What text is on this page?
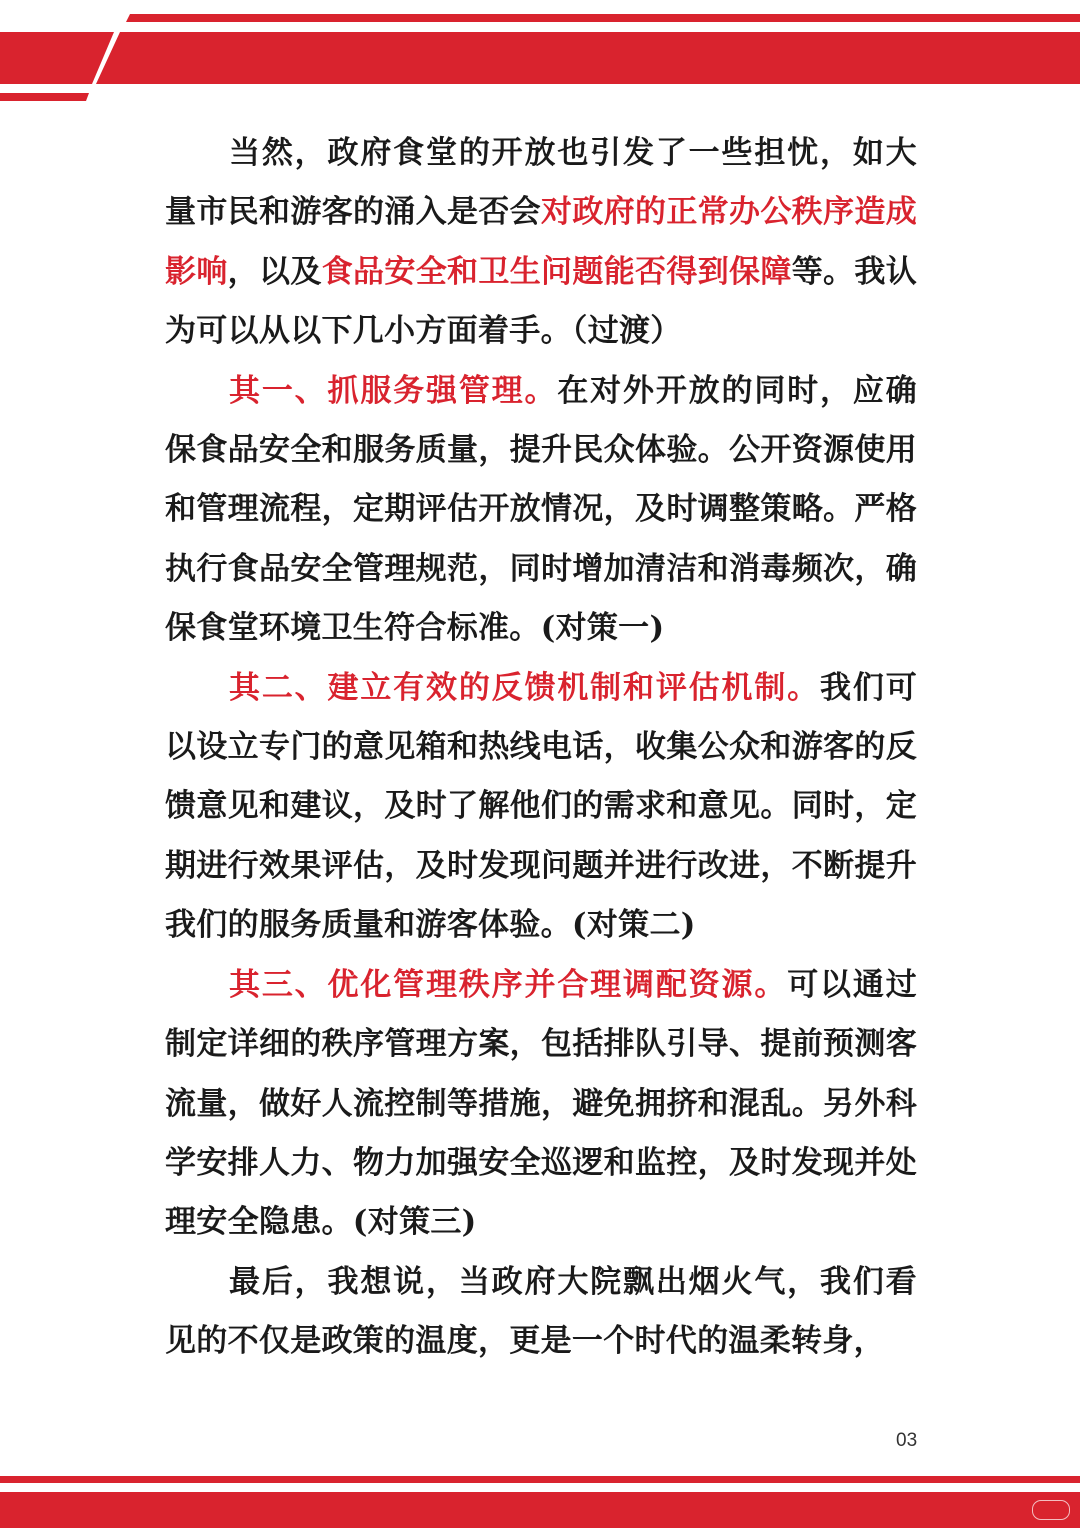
当然，政府食堂的开放也引发了一些担忧，如大量市民和游客的涌入是否会对政府的正常办公秩序造成影响，以及食品安全和卫生问题能否得到保障等。我认为可以从以下几小方面着手。（过渡）

其一、抓服务强管理。在对外开放的同时，应确保食品安全和服务质量，提升民众体验。公开资源使用和管理流程，定期评估开放情况，及时调整策略。严格执行食品安全管理规范，同时增加清洁和消毒频次，确保食堂环境卫生符合标准。(对策一)

其二、建立有效的反馈机制和评估机制。我们可以设立专门的意见箱和热线电话，收集公众和游客的反馈意见和建议，及时了解他们的需求和意见。同时，定期进行效果评估，及时发现问题并进行改进，不断提升我们的服务质量和游客体验。(对策二)

其三、优化管理秩序并合理调配资源。可以通过制定详细的秩序管理方案，包括排队引导、提前预测客流量，做好人流控制等措施，避免拥挤和混乱。另外科学安排人力、物力加强安全巡逻和监控，及时发现并处理安全隐患。(对策三)

最后，我想说，当政府大院飘出烟火气，我们看见的不仅是政策的温度，更是一个时代的温柔转身，

03
